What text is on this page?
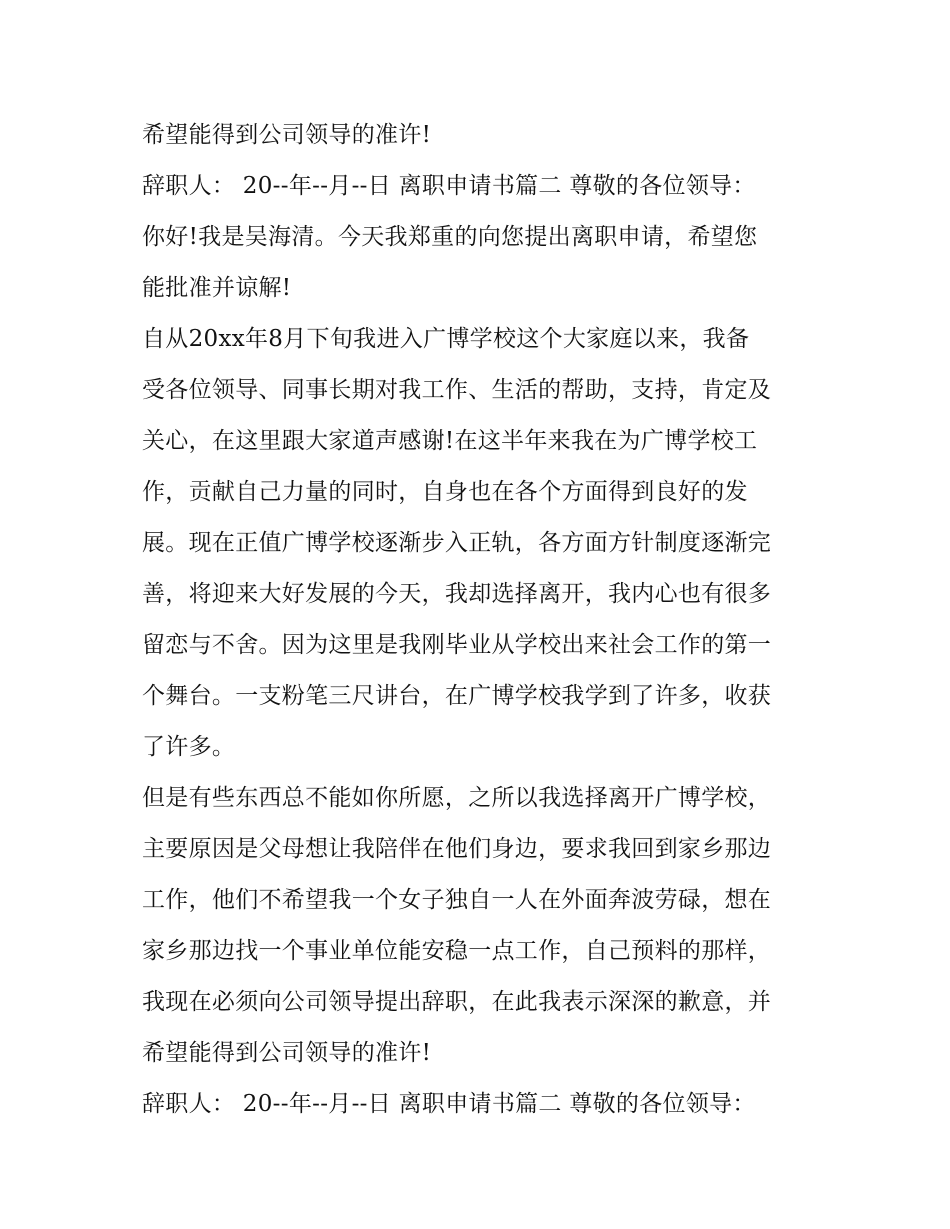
希望能得到公司领导的准许!
辞职人： 20--年--月--日 离职申请书篇二 尊敬的各位领导：
你好!我是吴海清。今天我郑重的向您提出离职申请，希望您
能批准并谅解!
自从20xx年8月下旬我进入广博学校这个大家庭以来，我备
受各位领导、同事长期对我工作、生活的帮助，支持，肯定及
关心，在这里跟大家道声感谢!在这半年来我在为广博学校工
作，贡献自己力量的同时，自身也在各个方面得到良好的发
展。现在正值广博学校逐渐步入正轨，各方面方针制度逐渐完
善，将迎来大好发展的今天，我却选择离开，我内心也有很多
留恋与不舍。因为这里是我刚毕业从学校出来社会工作的第一
个舞台。一支粉笔三尺讲台，在广博学校我学到了许多，收获
了许多。
但是有些东西总不能如你所愿，之所以我选择离开广博学校，
主要原因是父母想让我陪伴在他们身边，要求我回到家乡那边
工作，他们不希望我一个女子独自一人在外面奔波劳碌，想在
家乡那边找一个事业单位能安稳一点工作，自己预料的那样，
我现在必须向公司领导提出辞职，在此我表示深深的歉意，并
希望能得到公司领导的准许!
辞职人： 20--年--月--日 离职申请书篇二 尊敬的各位领导：
